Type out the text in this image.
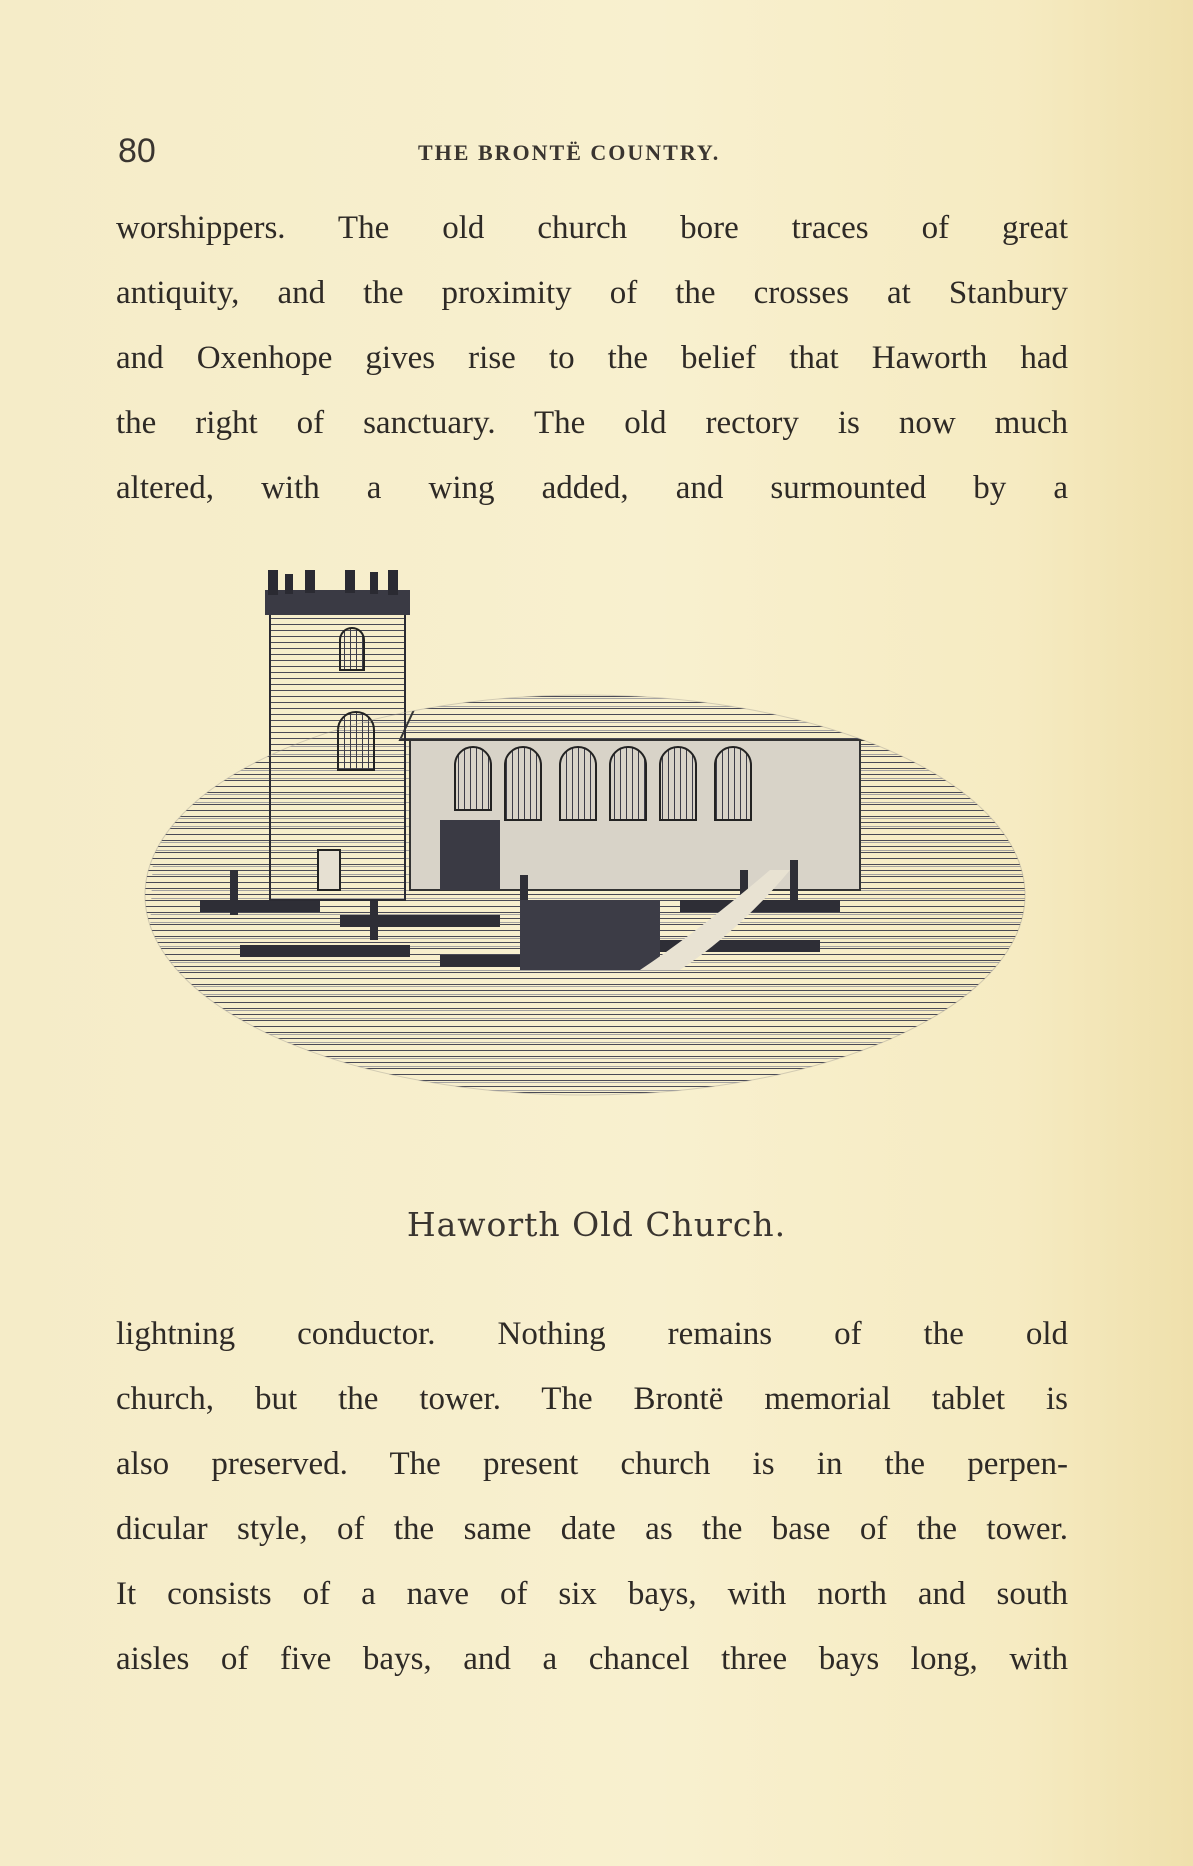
80	THE BRONTË COUNTRY.

worshippers. The old church bore traces of great
antiquity, and the proximity of the crosses at Stanbury
and Oxenhope gives rise to the belief that Haworth had
the right of sanctuary. The old rectory is now much
altered, with a wing added, and surmounted by a

Haworth Old Church.

lightning conductor. Nothing remains of the old
church, but the tower. The Brontë memorial tablet is
also preserved. The present church is in the perpen-
dicular style, of the same date as the base of the tower.
It consists of a nave of six bays, with north and south
aisles of five bays, and a chancel three bays long, with
